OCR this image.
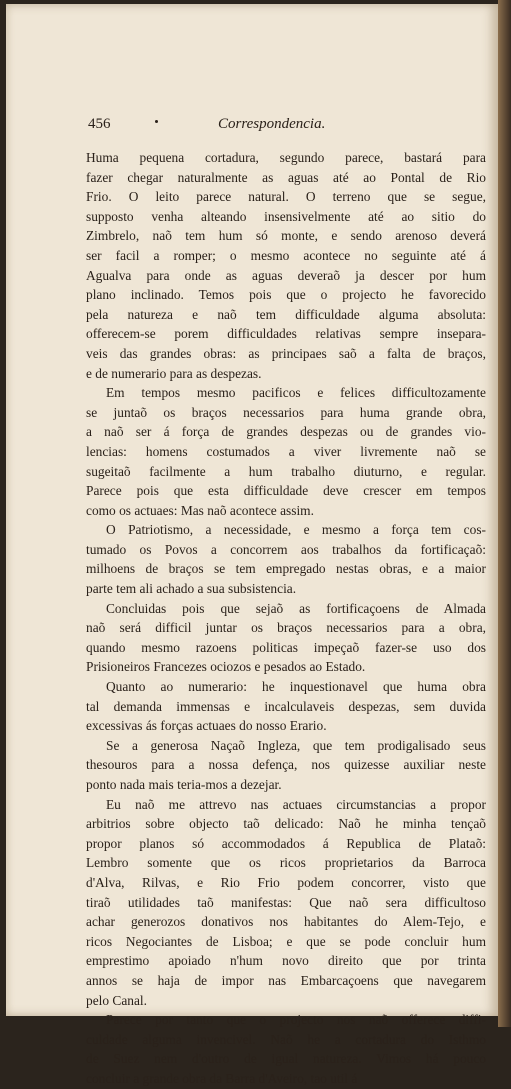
456	Correspondencia.
Huma pequena cortadura, segundo parece, bastará para
fazer chegar naturalmente as aguas até ao Pontal de Rio
Frio. O leito parece natural. O terreno que se segue,
supposto venha alteando insensivelmente até ao sitio do
Zimbrelo, naõ tem hum só monte, e sendo arenoso deverá
ser facil a romper; o mesmo acontece no seguinte até á
Agualva para onde as aguas deveraõ ja descer por hum
plano inclinado. Temos pois que o projecto he favorecido
pela natureza e naõ tem difficuldade alguma absoluta:
offerecem-se porem difficuldades relativas sempre insepara-
veis das grandes obras: as principaes saõ a falta de braços,
e de numerario para as despezas.
Em tempos mesmo pacificos e felices difficultozamente
se juntaõ os braços necessarios para huma grande obra,
a naõ ser á força de grandes despezas ou de grandes vio-
lencias: homens costumados a viver livremente naõ se
sugeitaõ facilmente a hum trabalho diuturno, e regular.
Parece pois que esta difficuldade deve crescer em tempos
como os actuaes: Mas naõ acontece assim.
O Patriotismo, a necessidade, e mesmo a força tem cos-
tumado os Povos a concorrem aos trabalhos da fortificaçaõ:
milhoens de braços se tem empregado nestas obras, e a maior
parte tem ali achado a sua subsistencia.
Concluidas pois que sejaõ as fortificaçoens de Almada
naõ será difficil juntar os braços necessarios para a obra,
quando mesmo razoens politicas impeçaõ fazer-se uso dos
Prisioneiros Francezes ociozos e pesados ao Estado.
Quanto ao numerario: he inquestionavel que huma obra
tal demanda immensas e incalculaveis despezas, sem duvida
excessivas ás forças actuaes do nosso Erario.
Se a generosa Naçaõ Ingleza, que tem prodigalisado seus
thesouros para a nossa defença, nos quizesse auxiliar neste
ponto nada mais teria-mos a dezejar.
Eu naõ me attrevo nas actuaes circumstancias a propor
arbitrios sobre objecto taõ delicado: Naõ he minha tençaõ
propor planos só accommodados á Republica de Plataõ:
Lembro somente que os ricos proprietarios da Barroca
d'Alva, Rilvas, e Rio Frio podem concorrer, visto que
tiraõ utilidades taõ manifestas: Que naõ sera difficultoso
achar generozos donativos nos habitantes do Alem-Tejo, e
ricos Negociantes de Lisboa; e que se pode concluir hum
emprestimo apoiado n'hum novo direito que por trinta
annos se haja de impor nas Embarcaçoens que navegarem
pelo Canal.
Parece por tanto que o projecto nos naõ offerece diffi-
culdade alguma invencivel. Naõ he a cortadura do Isthmo
de Suez nem d'outro de igual natureza. Vimos há pouco
concluir a grande obra da Barra d'Aveiro, tao util á
